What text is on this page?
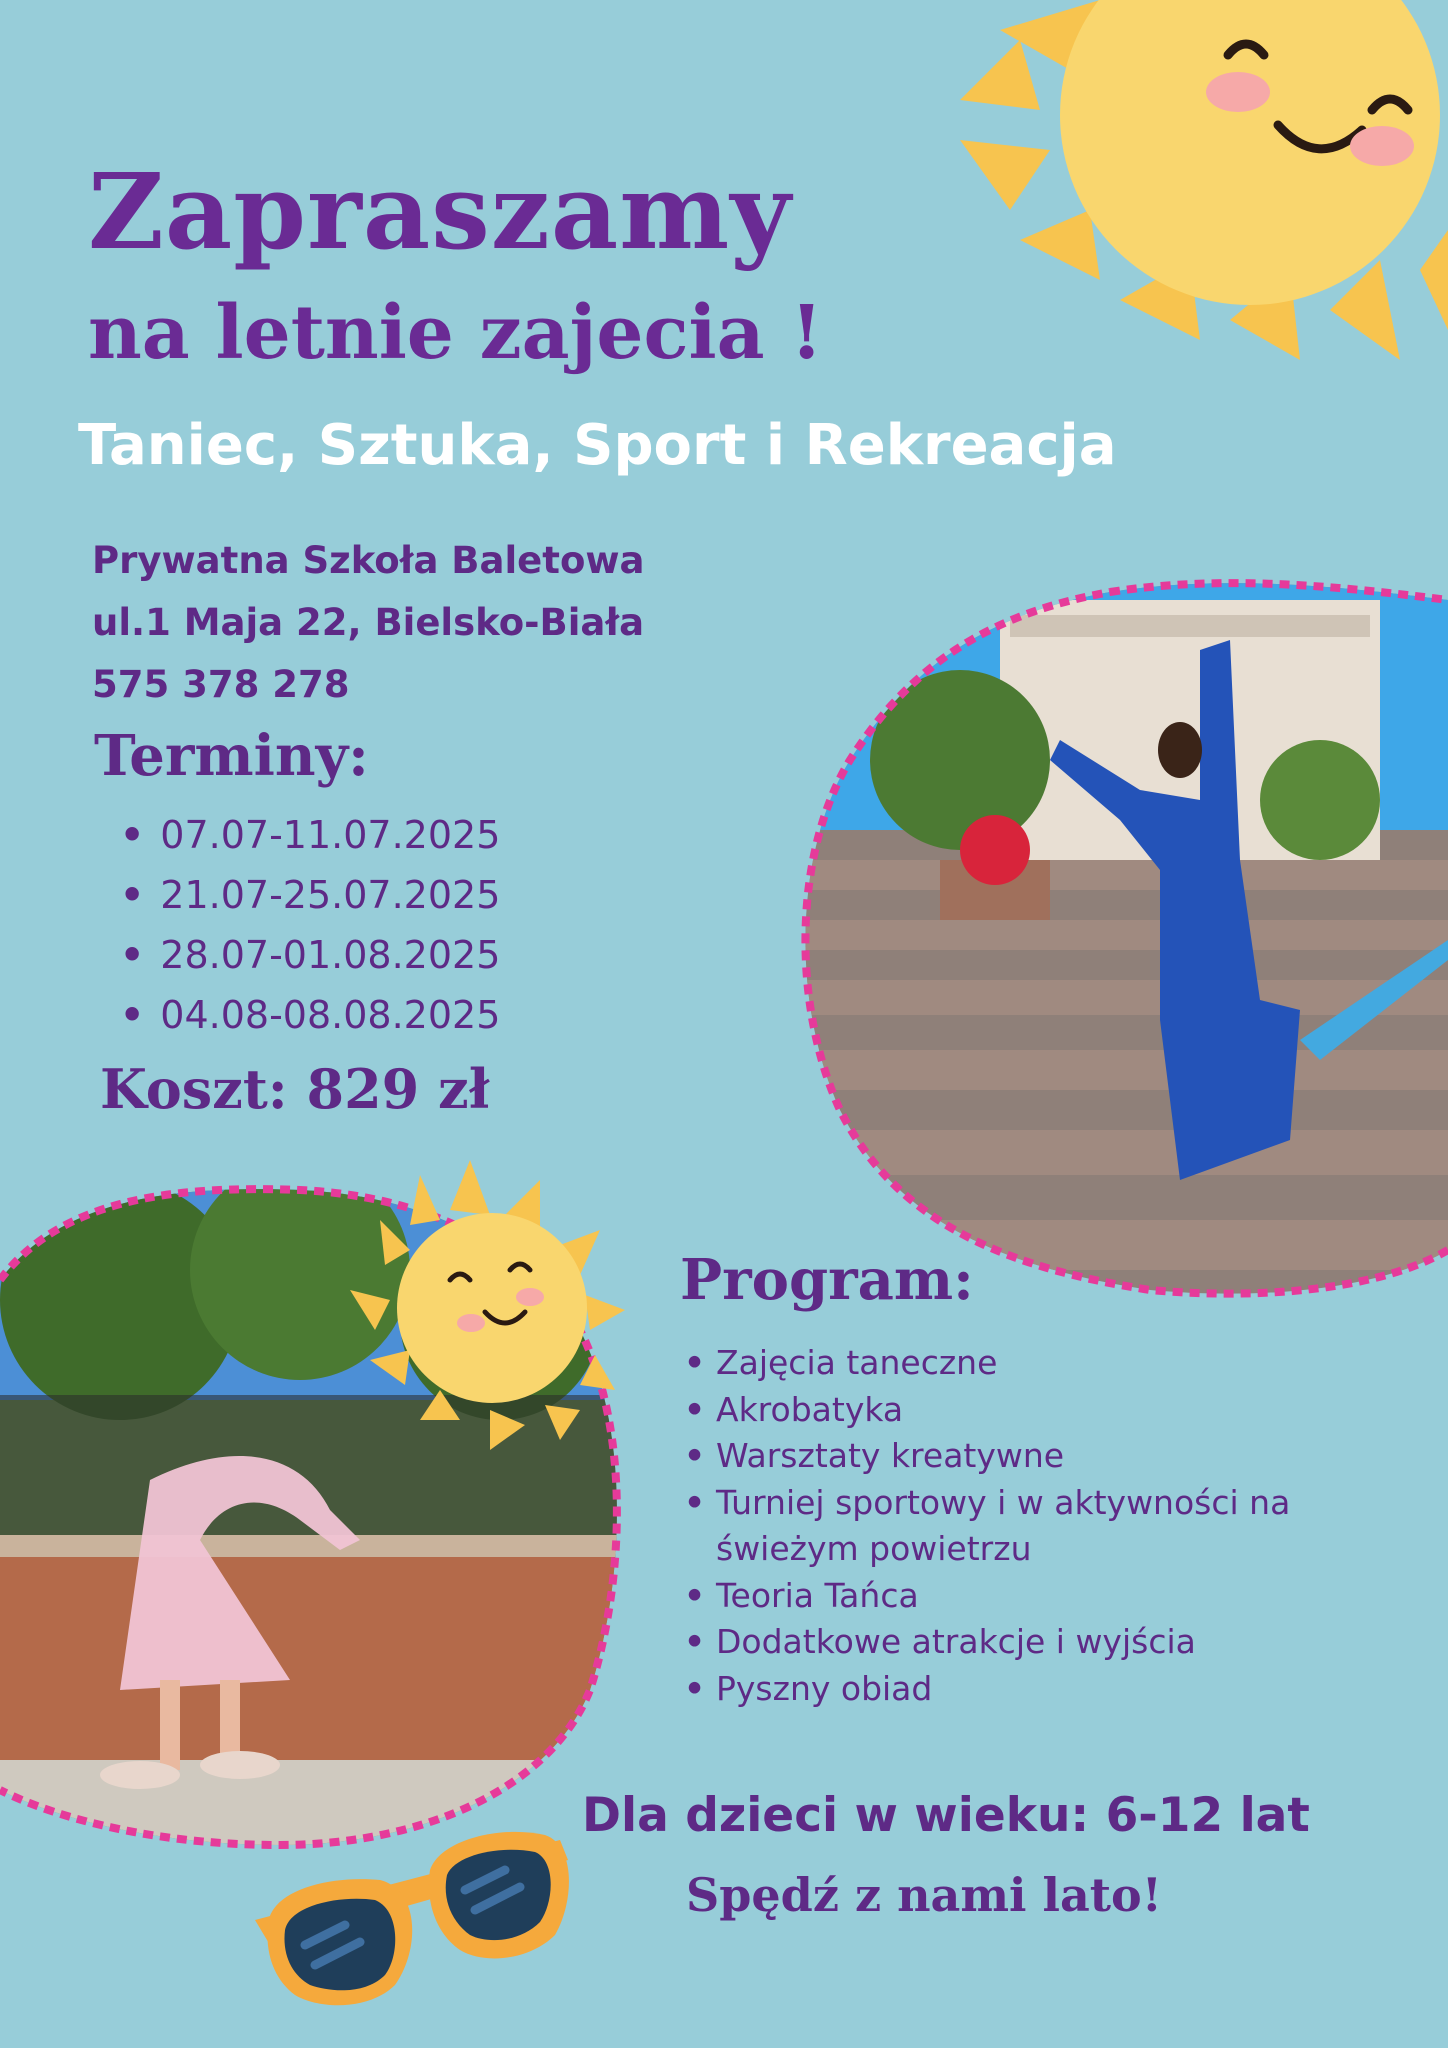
Zapraszamy
na letnie zajecia !
Taniec, Sztuka, Sport i Rekreacja
Prywatna Szkoła Baletowa
ul.1 Maja 22, Bielsko-Biała
575 378 278
Terminy:
• 07.07-11.07.2025
• 21.07-25.07.2025
• 28.07-01.08.2025
• 04.08-08.08.2025
Koszt: 829 zł
Program:
• Zajęcia taneczne
• Akrobatyka
• Warsztaty kreatywne
• Turniej sportowy i w aktywności na świeżym powietrzu
• Teoria Tańca
• Dodatkowe atrakcje i wyjścia
• Pyszny obiad
Dla dzieci w wieku: 6-12 lat
Spędź z nami lato!
